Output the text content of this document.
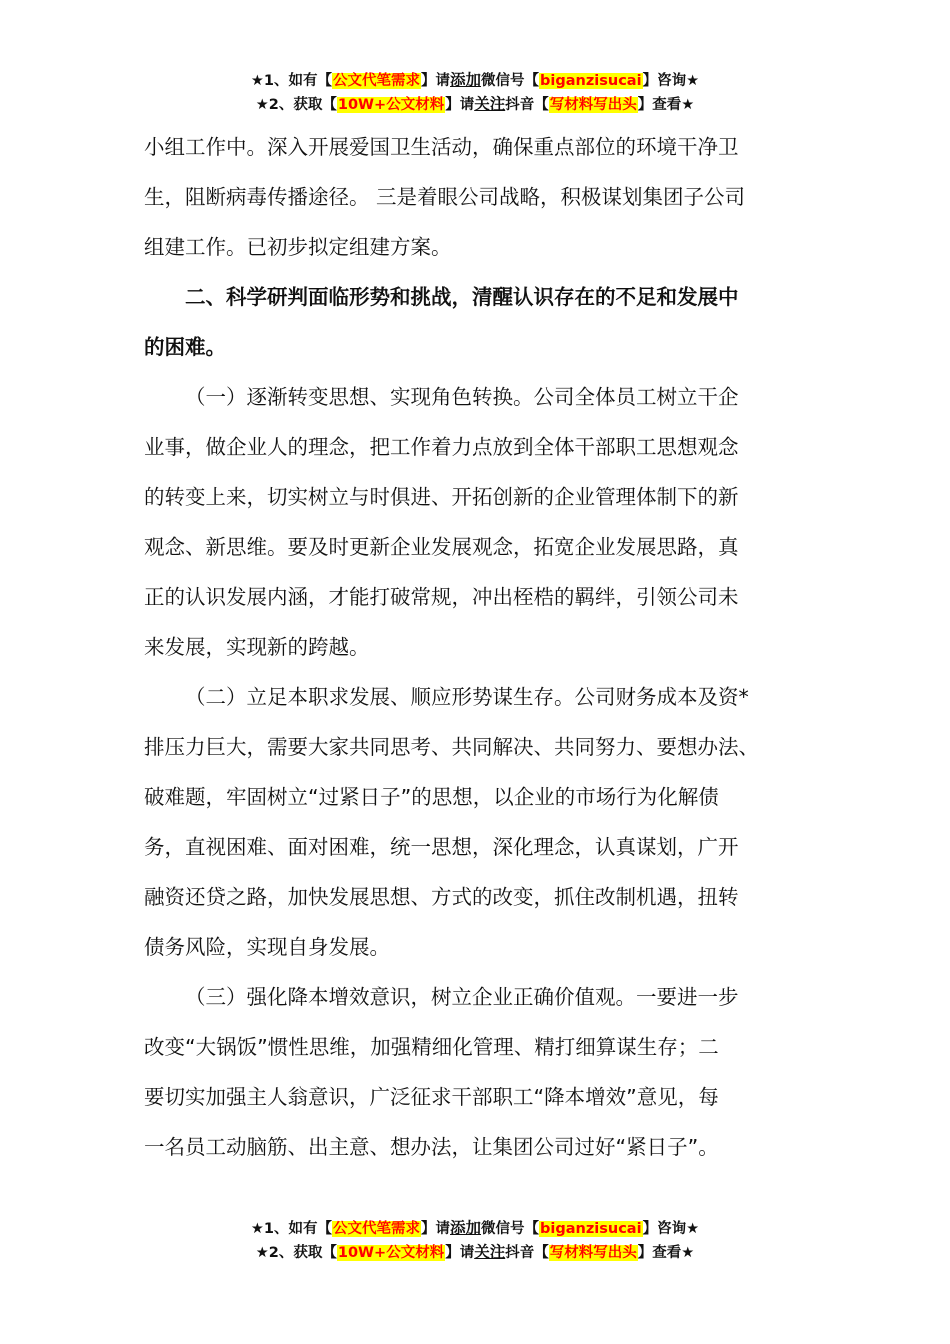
★1、如有【公文代笔需求】请添加微信号【biganzisucai】咨询★
★2、获取【10W+公文材料】请关注抖音【写材料写出头】查看★

小组工作中。深入开展爱国卫生活动，确保重点部位的环境干净卫
生，阻断病毒传播途径。 三是着眼公司战略，积极谋划集团子公司
组建工作。已初步拟定组建方案。

二、科学研判面临形势和挑战，清醒认识存在的不足和发展中
的困难。

（一）逐渐转变思想、实现角色转换。公司全体员工树立干企
业事，做企业人的理念，把工作着力点放到全体干部职工思想观念
的转变上来，切实树立与时俱进、开拓创新的企业管理体制下的新
观念、新思维。要及时更新企业发展观念，拓宽企业发展思路，真
正的认识发展内涵，才能打破常规，冲出桎梏的羁绊，引领公司未
来发展，实现新的跨越。

（二）立足本职求发展、顺应形势谋生存。公司财务成本及资*
排压力巨大，需要大家共同思考、共同解决、共同努力、要想办法、
破难题，牢固树立“过紧日子”的思想，以企业的市场行为化解债
务，直视困难、面对困难，统一思想，深化理念，认真谋划，广开
融资还贷之路，加快发展思想、方式的改变，抓住改制机遇，扭转
债务风险，实现自身发展。

（三）强化降本增效意识，树立企业正确价值观。一要进一步
改变“大锅饭”惯性思维，加强精细化管理、精打细算谋生存；二
要切实加强主人翁意识，广泛征求干部职工“降本增效”意见，每
一名员工动脑筋、出主意、想办法，让集团公司过好“紧日子”。

★1、如有【公文代笔需求】请添加微信号【biganzisucai】咨询★
★2、获取【10W+公文材料】请关注抖音【写材料写出头】查看★
